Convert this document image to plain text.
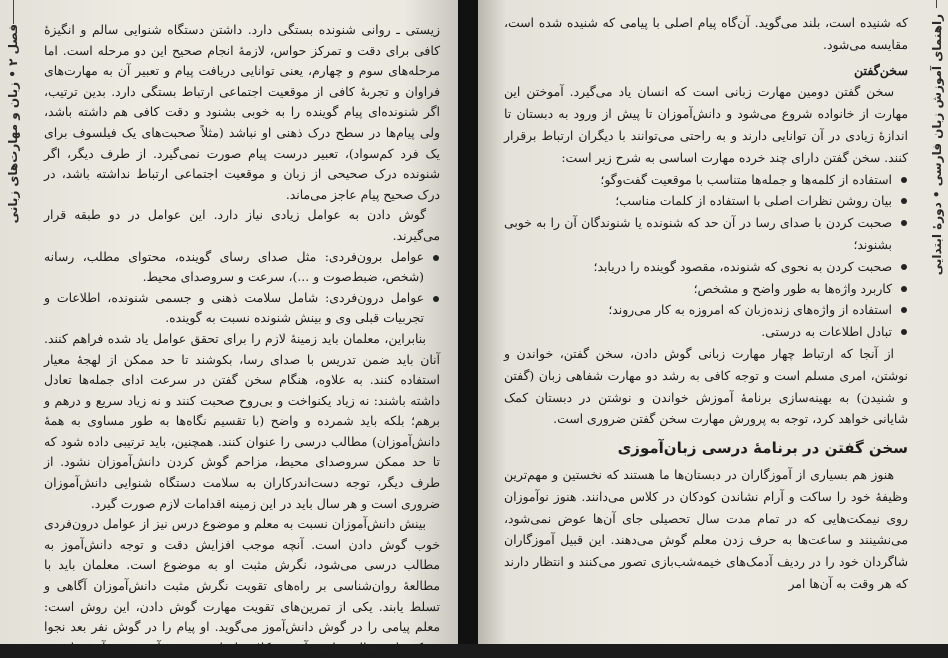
فصل ۲ • زبان و مهارت‌های زبانی زیستی ـ روانی شنونده بستگی دارد. داشتن دستگاه شنوایی سالم و انگیزهٔ کافی برای دقت و تمرکز حواس، لازمهٔ انجام صحیح این دو مرحله است. اما مرحله‌های سوم و چهارم، یعنی توانایی دریافت پیام و تعبیر آن به مهارت‌های فراوان و تجربهٔ کافی از موقعیت اجتماعی ارتباط بستگی دارد. بدین ترتیب، اگر شنونده‌ای پیام گوینده را به خوبی بشنود و دقت کافی هم داشته باشد، ولی پیام‌ها در سطح درک ذهنی او نباشد (مثلاً صحبت‌های یک فیلسوف برای یک فرد کم‌سواد)، تعبیر درست پیام صورت نمی‌گیرد. از طرف دیگر، اگر شنونده درک صحیحی از زبان و موقعیت اجتماعی ارتباط نداشته باشد، در درک صحیح پیام عاجز می‌ماند.

گوش دادن به عوامل زیادی نیاز دارد. این عوامل در دو طبقه قرار می‌گیرند.

عوامل برون‌فردی: مثل صدای رسای گوینده، محتوای مطلب، رسانه (شخص، ضبط‌صوت و ...)، سرعت و سروصدای محیط.
عوامل درون‌فردی: شامل سلامت ذهنی و جسمی شنونده، اطلاعات و تجربیات قبلی وی و بینش شنونده نسبت به گوینده.

بنابراین، معلمان باید زمینهٔ لازم را برای تحقق عوامل یاد شده فراهم کنند. آنان باید ضمن تدریس با صدای رسا، بکوشند تا حد ممکن از لهجهٔ معیار استفاده کنند. به علاوه، هنگام سخن گفتن در سرعت ادای جمله‌ها تعادل داشته باشند: نه زیاد یکنواخت و بی‌روح صحبت کنند و نه زیاد سریع و درهم و برهم؛ بلکه باید شمرده و واضح (با تقسیم نگاه‌ها به طور مساوی به همهٔ دانش‌آموزان) مطالب درسی را عنوان کنند. همچنین، باید ترتیبی داده شود که تا حد ممکن سروصدای محیط، مزاحم گوش کردن دانش‌آموزان نشود. از طرف دیگر، توجه دست‌اندرکاران به سلامت دستگاه شنوایی دانش‌آموزان ضروری است و هر سال باید در این زمینه اقدامات لازم صورت گیرد.

بینش دانش‌آموزان نسبت به معلم و موضوع درس نیز از عوامل درون‌فردی خوب گوش دادن است. آنچه موجب افزایش دقت و توجه دانش‌آموز به مطالب درسی می‌شود، نگرش مثبت او به موضوع است. معلمان باید با مطالعهٔ روان‌شناسی بر راه‌های تقویت نگرش مثبت دانش‌آموزان آگاهی و تسلط یابند. یکی از تمرین‌های تقویت مهارت گوش دادن، این روش است: معلم پیامی را در گوش دانش‌آموز می‌گوید. او پیام را در گوش نفر بعد نجوا می‌کند. این فعالیت تا نفر آخر در کلاس انجام می‌شود. آخرین نفر آنچه را

راهنمای آموزش زبان فارسی • دورهٔ ابتدایی

که شنیده است، بلند می‌گوید. آن‌گاه پیام اصلی با پیامی که شنیده شده است، مقایسه می‌شود.

سخن‌گفتن

سخن گفتن دومین مهارت زبانی است که انسان یاد می‌گیرد. آموختن این مهارت از خانواده شروع می‌شود و دانش‌آموزان تا پیش از ورود به دبستان تا اندازهٔ زیادی در آن توانایی دارند و به راحتی می‌توانند با دیگران ارتباط برقرار کنند. سخن گفتن دارای چند خرده مهارت اساسی به شرح زیر است:

استفاده از کلمه‌ها و جمله‌ها متناسب با موقعیت گفت‌وگو؛
بیان روشن نظرات اصلی با استفاده از کلمات مناسب؛
صحبت کردن با صدای رسا در آن حد که شنونده یا شنوندگان آن را به خوبی بشنوند؛
صحبت کردن به نحوی که شنونده، مقصود گوینده را دریابد؛
کاربرد واژه‌ها به طور واضح و مشخص؛
استفاده از واژه‌های زنده‌زبان که امروزه به کار می‌روند؛
تبادل اطلاعات به درستی.

از آنجا که ارتباط چهار مهارت زبانی گوش دادن، سخن گفتن، خواندن و نوشتن، امری مسلم است و توجه کافی به رشد دو مهارت شفاهی زبان (گفتن و شنیدن) به بهینه‌سازی برنامهٔ آموزش خواندن و نوشتن در دبستان کمک شایانی خواهد کرد، توجه به پرورش مهارت سخن گفتن ضروری است.

سخن گفتن در برنامهٔ درسی زبان‌آموزی

هنوز هم بسیاری از آموزگاران در دبستان‌ها ما هستند که نخستین و مهم‌ترین وظیفهٔ خود را ساکت و آرام نشاندن کودکان در کلاس می‌دانند. هنوز نوآموزان روی نیمکت‌هایی که در تمام مدت سال تحصیلی جای آن‌ها عوض نمی‌شود، می‌نشینند و ساعت‌ها به حرف زدن معلم گوش می‌دهند. این قبیل آموزگاران شاگردان خود را در ردیف آدمک‌های خیمه‌شب‌بازی تصور می‌کنند و انتظار دارند که هر وقت به آن‌ها امر
